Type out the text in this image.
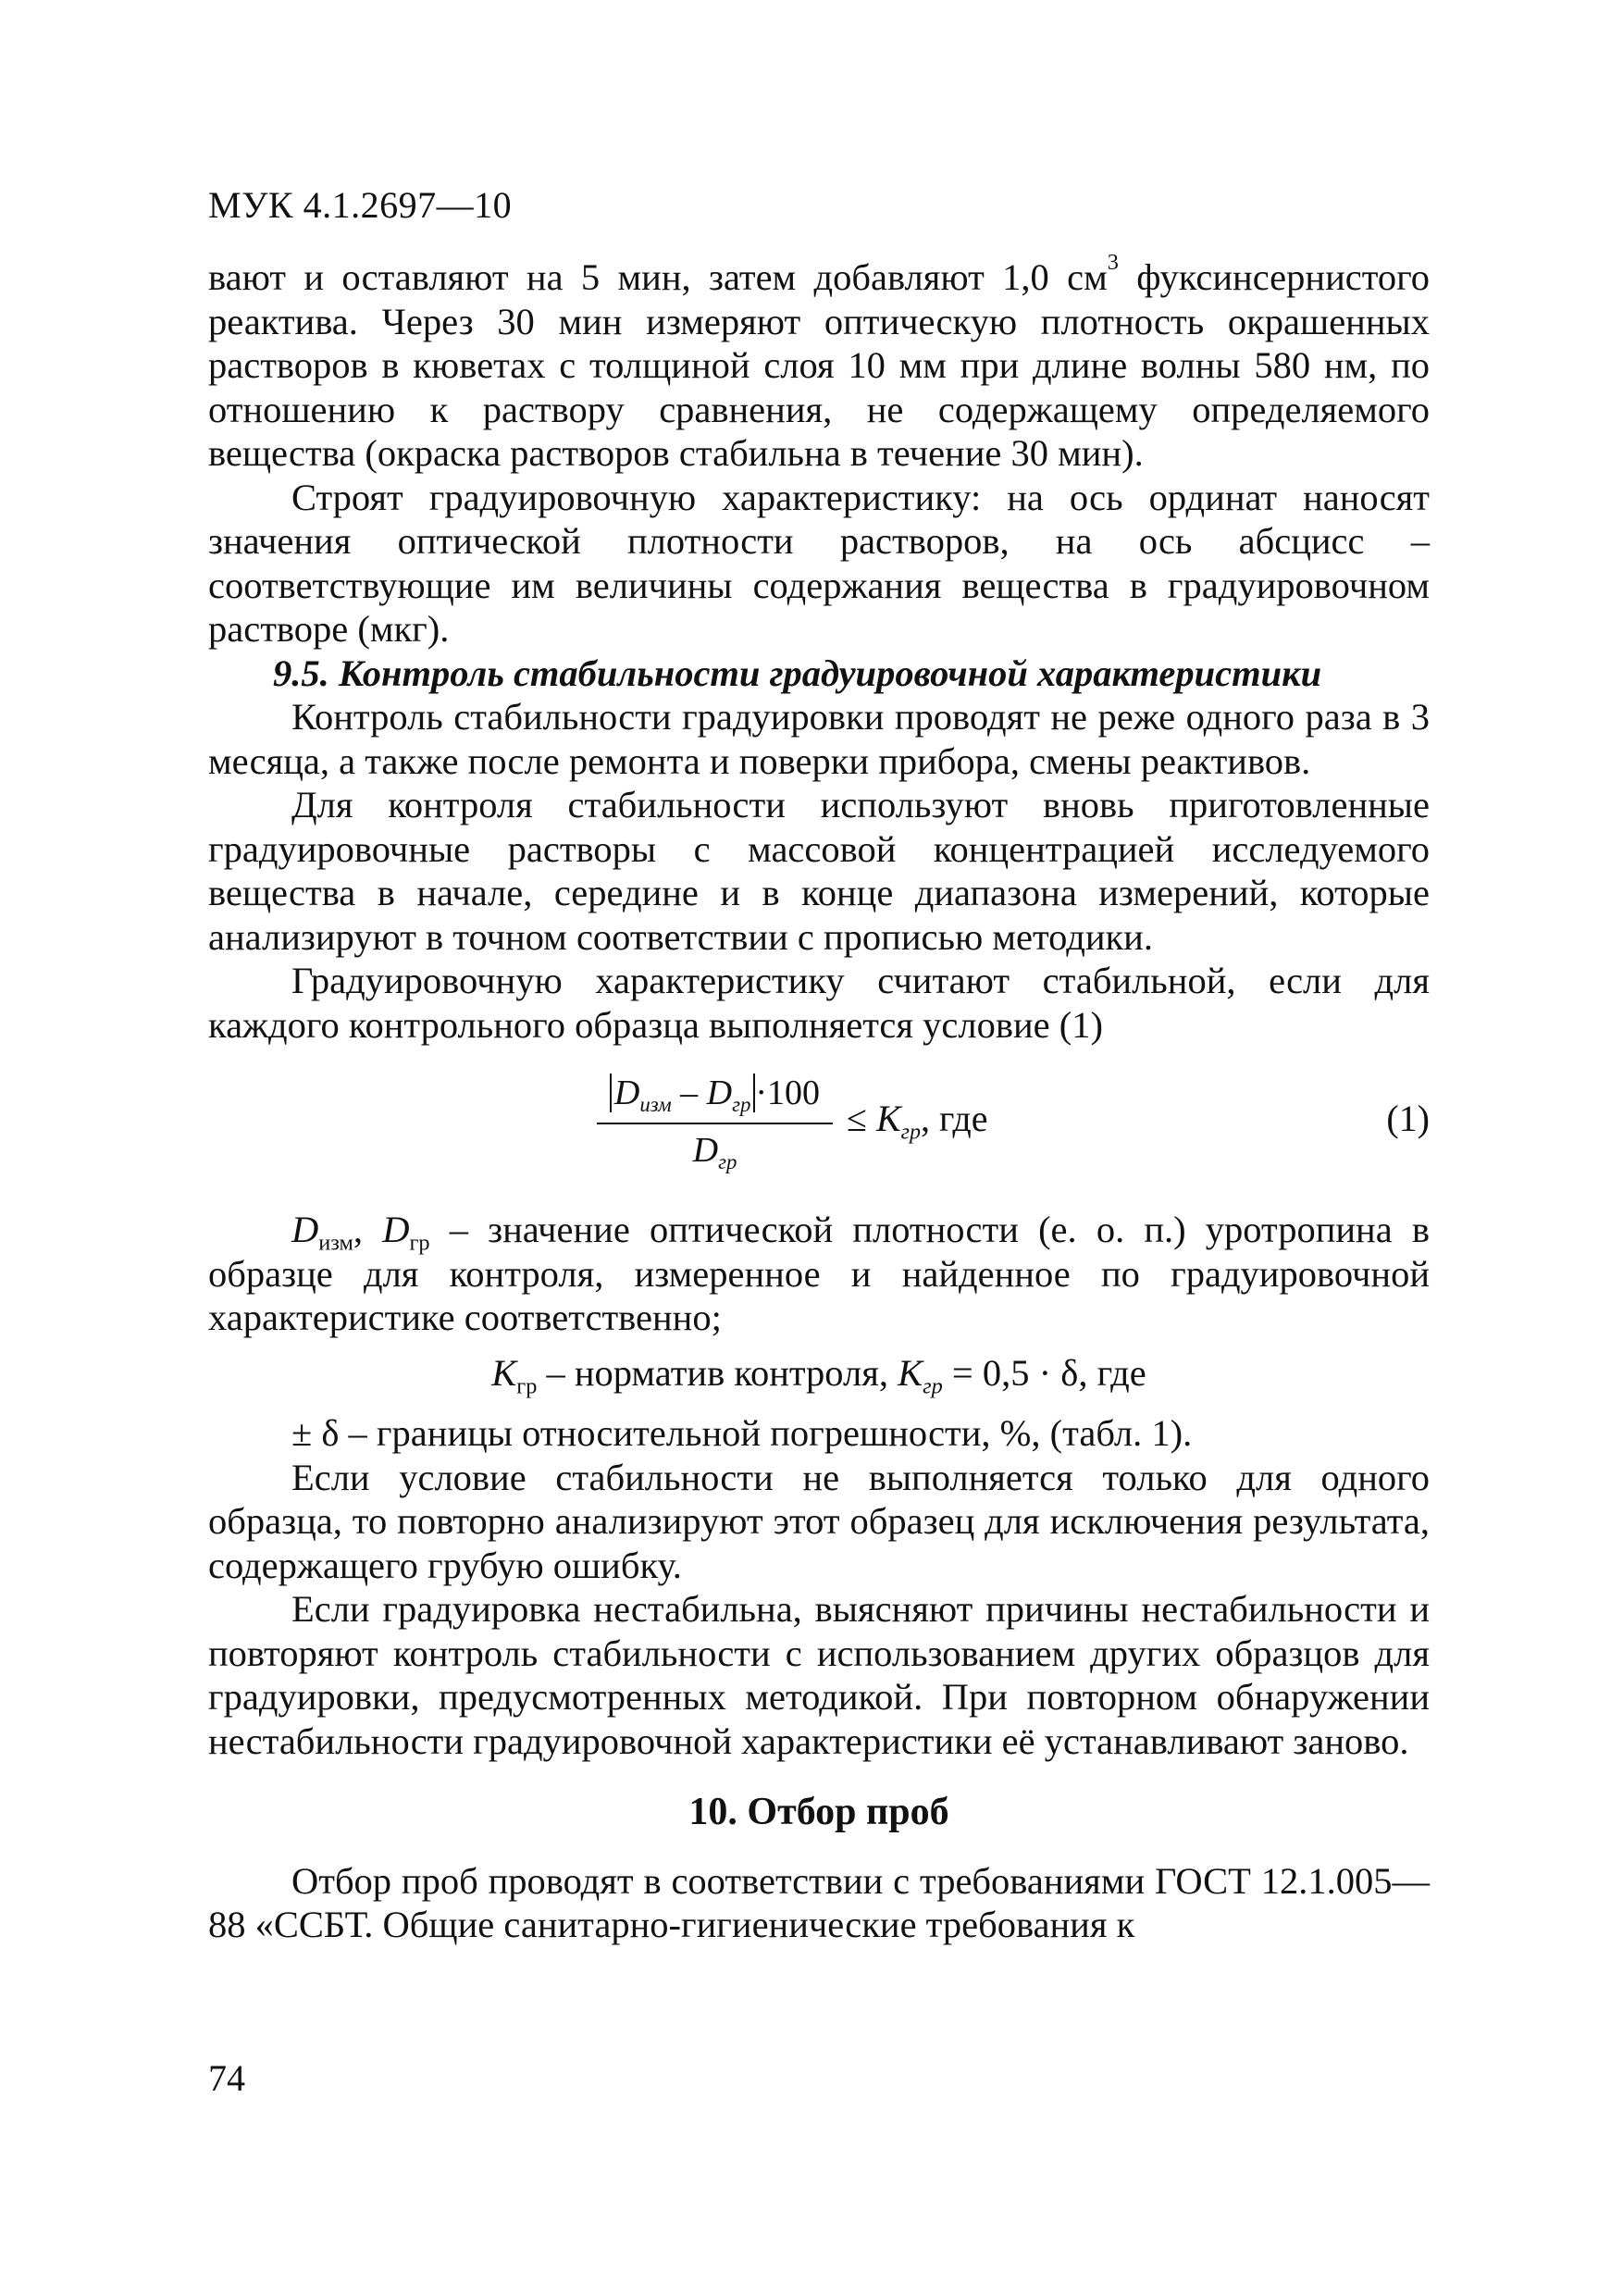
МУК 4.1.2697—10

вают и оставляют на 5 мин, затем добавляют 1,0 $см^3$ фуксинсернистого реактива. Через 30 мин измеряют оптическую плотность окрашенных растворов в кюветах с толщиной слоя 10 мм при длине волны 580 нм, по отношению к раствору сравнения, не содержащему определяемого вещества (окраска растворов стабильна в течение 30 мин).

Строят градуировочную характеристику: на ось ординат наносят значения оптической плотности растворов, на ось абсцисс – соответствующие им величины содержания вещества в градуировочном растворе (мкг).

9.5. Контроль стабильности градуировочной характеристики

Контроль стабильности градуировки проводят не реже одного раза в 3 месяца, а также после ремонта и поверки прибора, смены реактивов.

Для контроля стабильности используют вновь приготовленные градуировочные растворы с массовой концентрацией исследуемого вещества в начале, середине и в конце диапазона измерений, которые анализируют в точном соответствии с прописью методики.

Градуировочную характеристику считают стабильной, если для каждого контрольного образца выполняется условие (1)

$D_{изм} - D_{гр} \cdot 100$
$D_{гр}$
≤ $K_{гр}$, где	(1)

$D_{изм}$, $D_{гр}$ – значение оптической плотности (е. о. п.) уротропина в образце для контроля, измеренное и найденное по градуировочной характеристике соответственно;

$K_{гр}$ – норматив контроля, $K_{гр} = 0,5 \cdot \delta$, где

± δ – границы относительной погрешности, %, (табл. 1).

Если условие стабильности не выполняется только для одного образца, то повторно анализируют этот образец для исключения результата, содержащего грубую ошибку.

Если градуировка нестабильна, выясняют причины нестабильности и повторяют контроль стабильности с использованием других образцов для градуировки, предусмотренных методикой. При повторном обнаружении нестабильности градуировочной характеристики её устанавливают заново.

10. Отбор проб

Отбор проб проводят в соответствии с требованиями ГОСТ 12.1.005—88 «ССБТ. Общие санитарно-гигиенические требования к

74
